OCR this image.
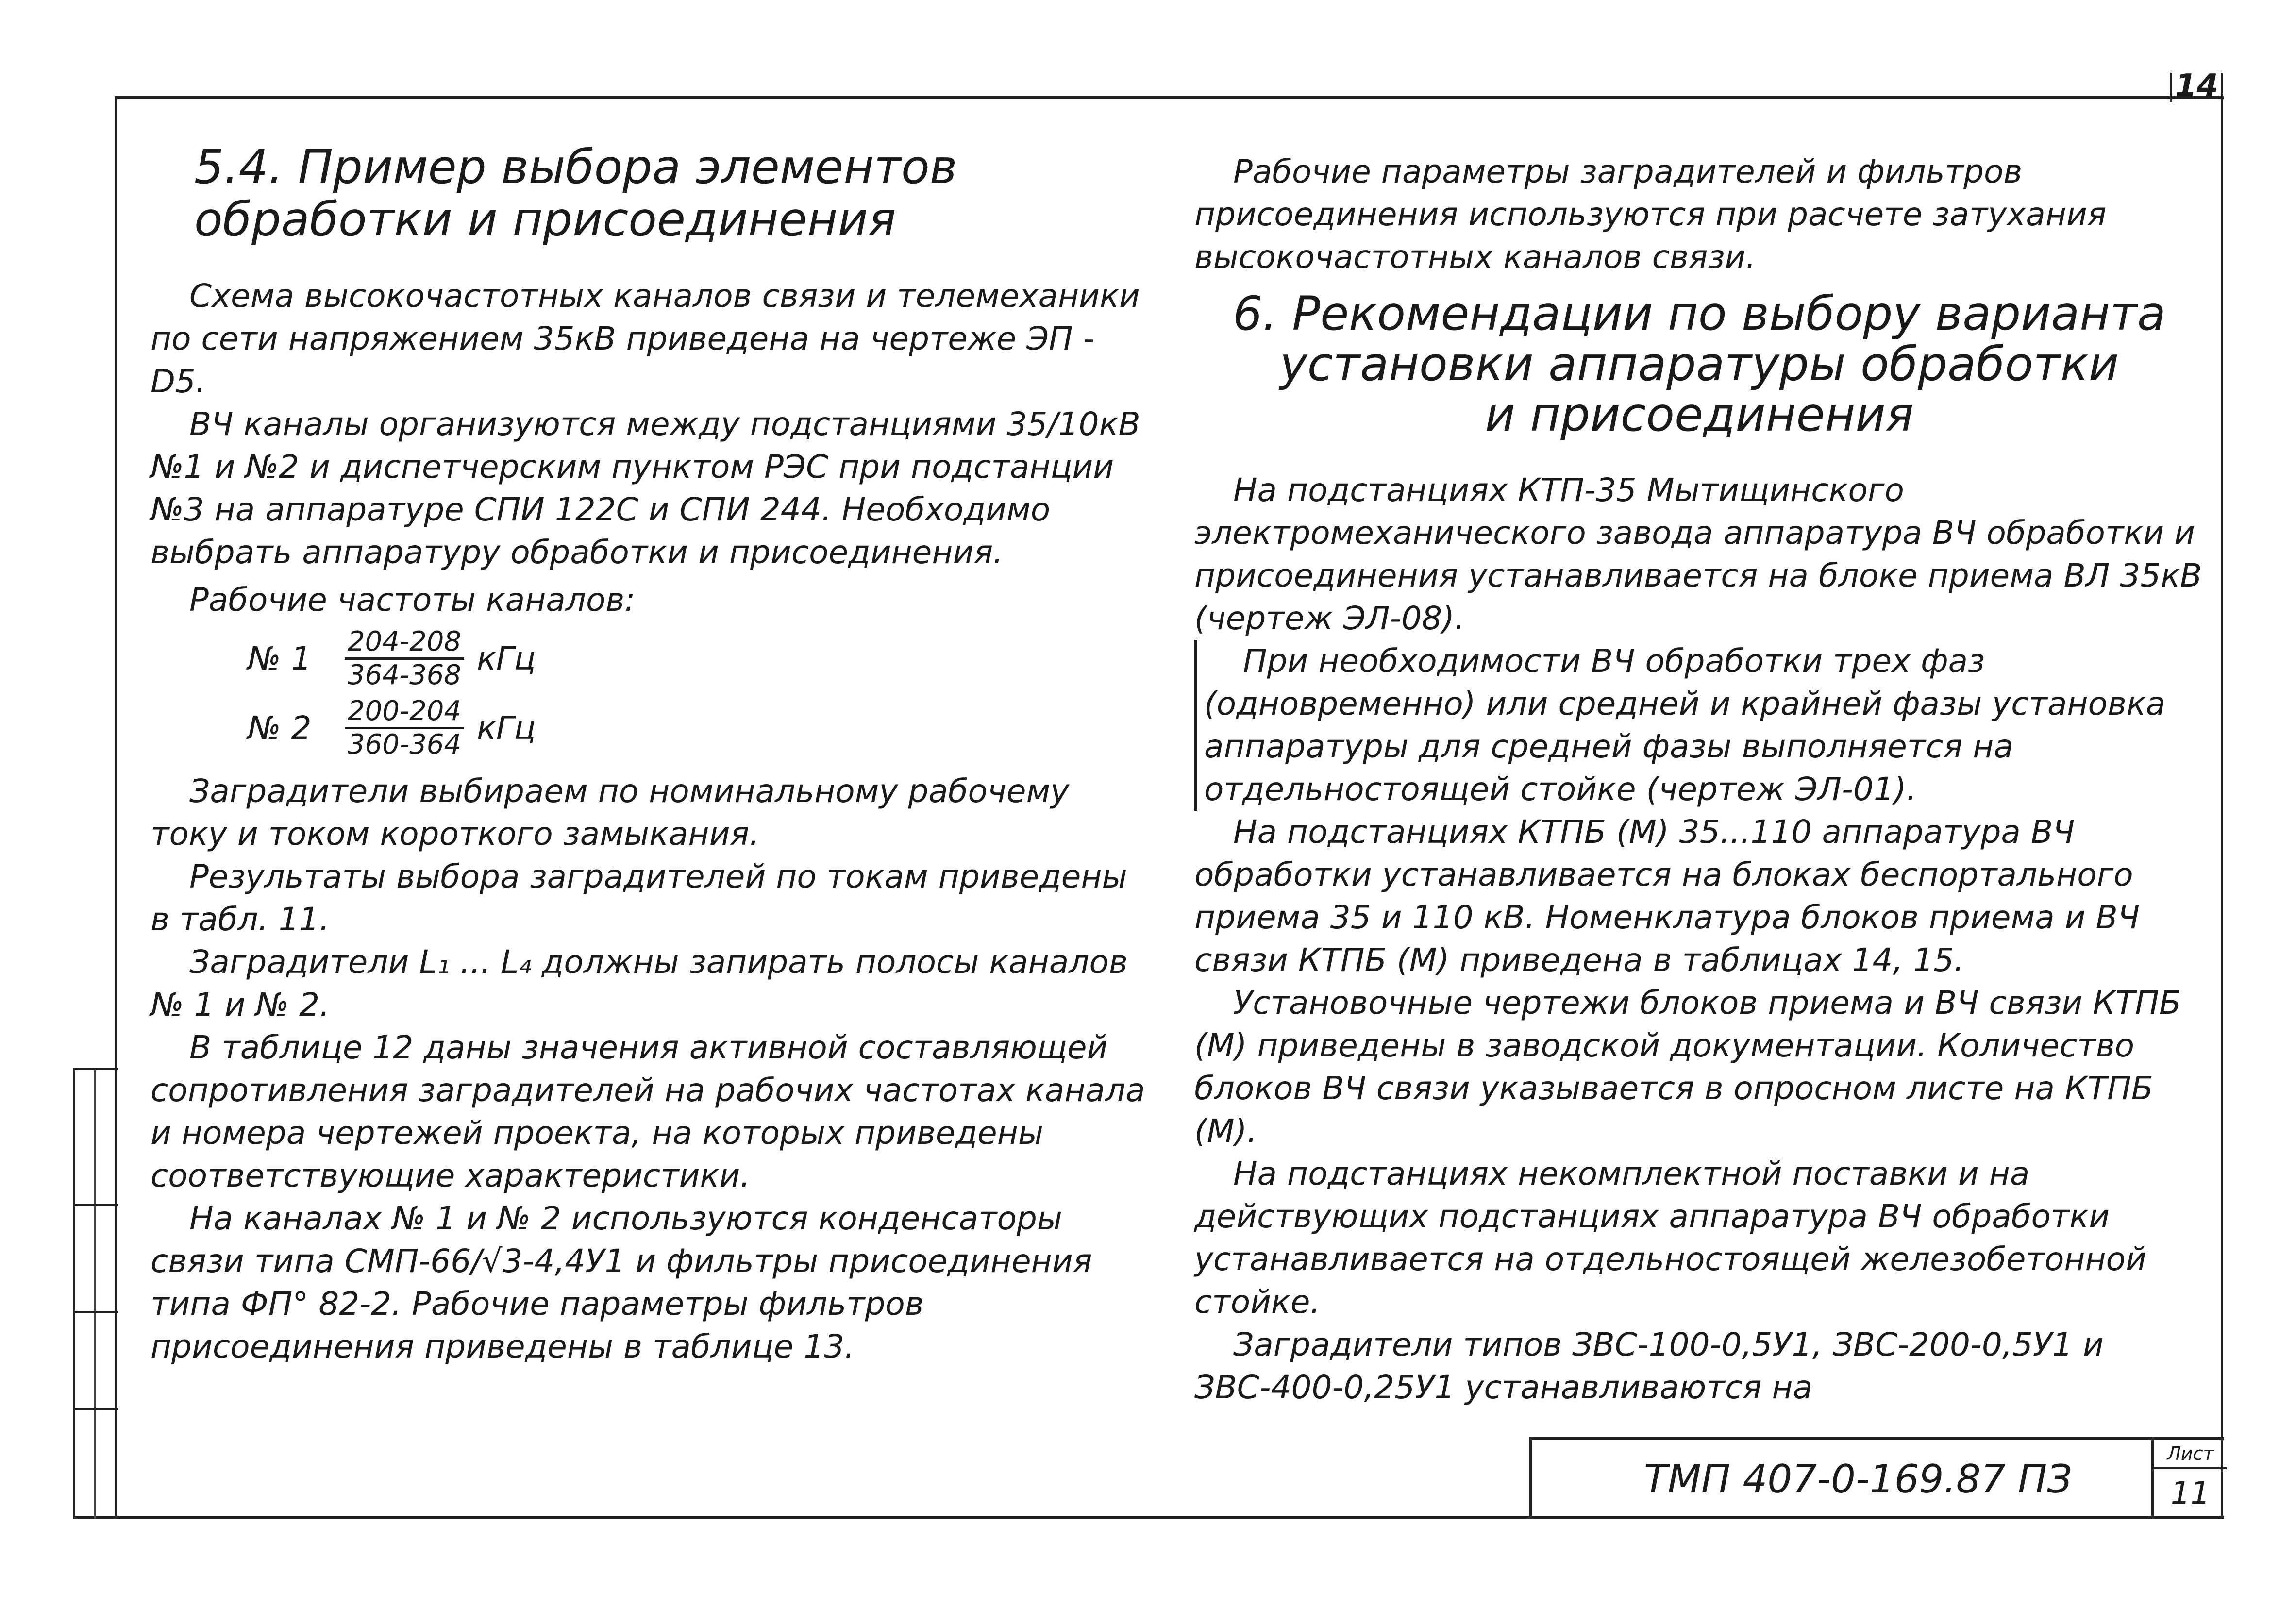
14
5.4. Пример выбора элементов
обработки и присоединения

Схема высокочастотных каналов связи и телемеханики по сети напряжением 35кВ приведена на чертеже ЭП - D5.

ВЧ каналы организуются между подстанциями 35/10кВ №1 и №2 и диспетчерским пунктом РЭС при подстанции №3 на аппаратуре СПИ 122С и СПИ 244. Необходимо выбрать аппаратуру обработки и присоединения.

Рабочие частоты каналов:

№ 1	$\frac{204-208}{364-368}$ кГц
№ 2	$\frac{200-204}{360-364}$ кГц

Заградители выбираем по номинальному рабочему току и током короткого замыкания.

Результаты выбора заградителей по токам приведены в табл. 11.

Заградители L₁ ... L₄ должны запирать полосы каналов № 1 и № 2.

В таблице 12 даны значения активной составляющей сопротивления заградителей на рабочих частотах канала и номера чертежей проекта, на которых приведены соответствующие характеристики.

На каналах № 1 и № 2 используются конденсаторы связи типа СМП-66/√3-4,4У1 и фильтры присоединения типа ФП° 82-2. Рабочие параметры фильтров присоединения приведены в таблице 13.

Рабочие параметры заградителей и фильтров присоединения используются при расчете затухания высокочастотных каналов связи.

6. Рекомендации по выбору варианта
установки аппаратуры обработки
и присоединения

На подстанциях КТП-35 Мытищинского электромеханического завода аппаратура ВЧ обработки и присоединения устанавливается на блоке приема ВЛ 35кВ (чертеж ЭЛ-08).

При необходимости ВЧ обработки трех фаз (одновременно) или средней и крайней фазы установка аппаратуры для средней фазы выполняется на отдельностоящей стойке (чертеж ЭЛ-01).

На подстанциях КТПБ (М) 35...110 аппаратура ВЧ обработки устанавливается на блоках беспортального приема 35 и 110 кВ. Номенклатура блоков приема и ВЧ связи КТПБ (М) приведена в таблицах 14, 15.

Установочные чертежи блоков приема и ВЧ связи КТПБ (М) приведены в заводской документации. Количество блоков ВЧ связи указывается в опросном листе на КТПБ (М).

На подстанциях некомплектной поставки и на действующих подстанциях аппаратура ВЧ обработки устанавливается на отдельностоящей железобетонной стойке.

Заградители типов ЗВС-100-0,5У1, ЗВС-200-0,5У1 и ЗВС-400-0,25У1 устанавливаются на

ТМП 407-0-169.87 ПЗ
Лист
11
